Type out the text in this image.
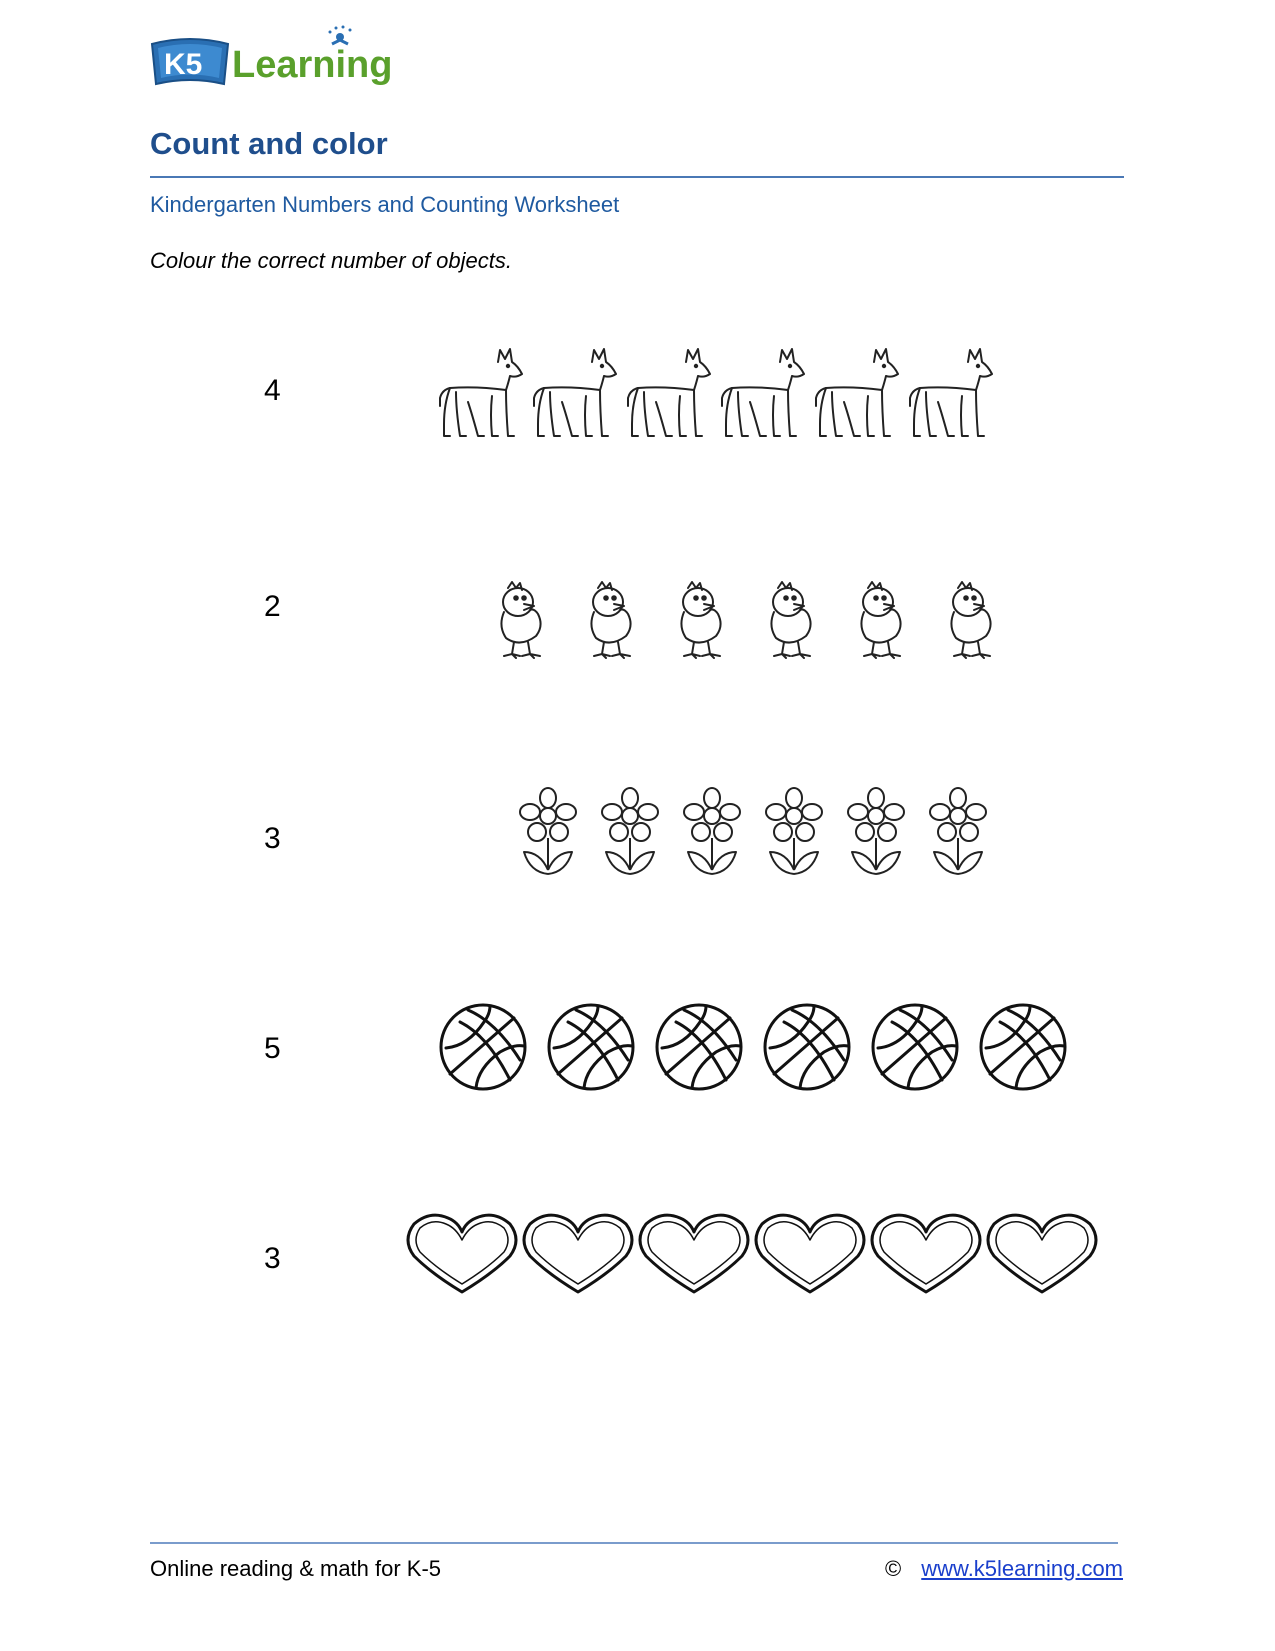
K5 Learning
Count and color
Kindergarten Numbers and Counting Worksheet
Colour the correct number of objects.
4
2
3
5
3
Online reading & math for K-5	© www.k5learning.com
